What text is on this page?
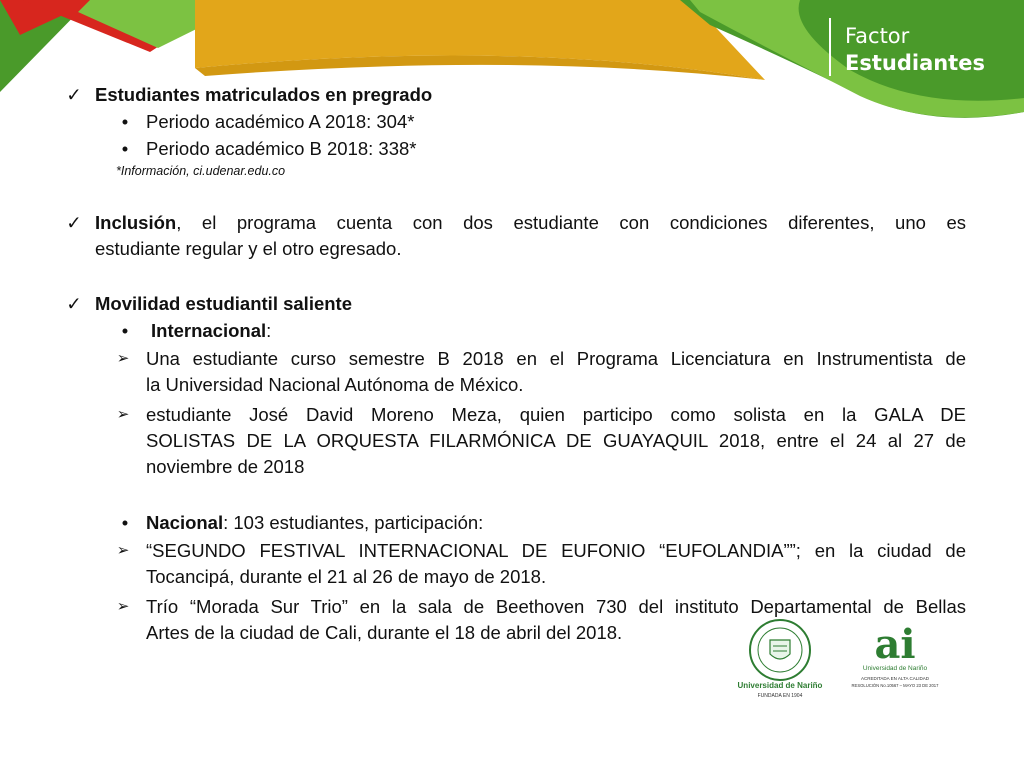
Factor
Estudiantes
✓ Estudiantes matriculados en pregrado
• Periodo académico A 2018: 304*
• Periodo académico B 2018: 338*
*Información, ci.udenar.edu.co
✓ Inclusión, el programa cuenta con dos estudiante con condiciones diferentes, uno es
estudiante regular y el otro egresado.
✓ Movilidad estudiantil saliente
•	Internacional:
➢ Una estudiante curso semestre B 2018 en el Programa Licenciatura en Instrumentista de
la Universidad Nacional Autónoma de México.
➢ estudiante José David Moreno Meza, quien participo como solista en la GALA DE
SOLISTAS DE LA ORQUESTA FILARMÓNICA DE GUAYAQUIL 2018, entre el 24 al 27 de
noviembre de 2018
• Nacional: 103 estudiantes, participación:
➢ “SEGUNDO FESTIVAL INTERNACIONAL DE EUFONIO “EUFOLANDIA””; en la ciudad de
Tocancipá, durante el 21 al 26 de mayo de 2018.
➢ Trío “Morada Sur Trio” en la sala de Beethoven 730 del instituto Departamental de Bellas
Artes de la ciudad de Cali, durante el 18 de abril del 2018.
Universidad de Nariño
FUNDADA EN 1904
ai
Universidad de Nariño
ACREDITADA EN ALTA CALIDAD
RESOLUCIÓN No.10567 – MAYO 23 DE 2017
